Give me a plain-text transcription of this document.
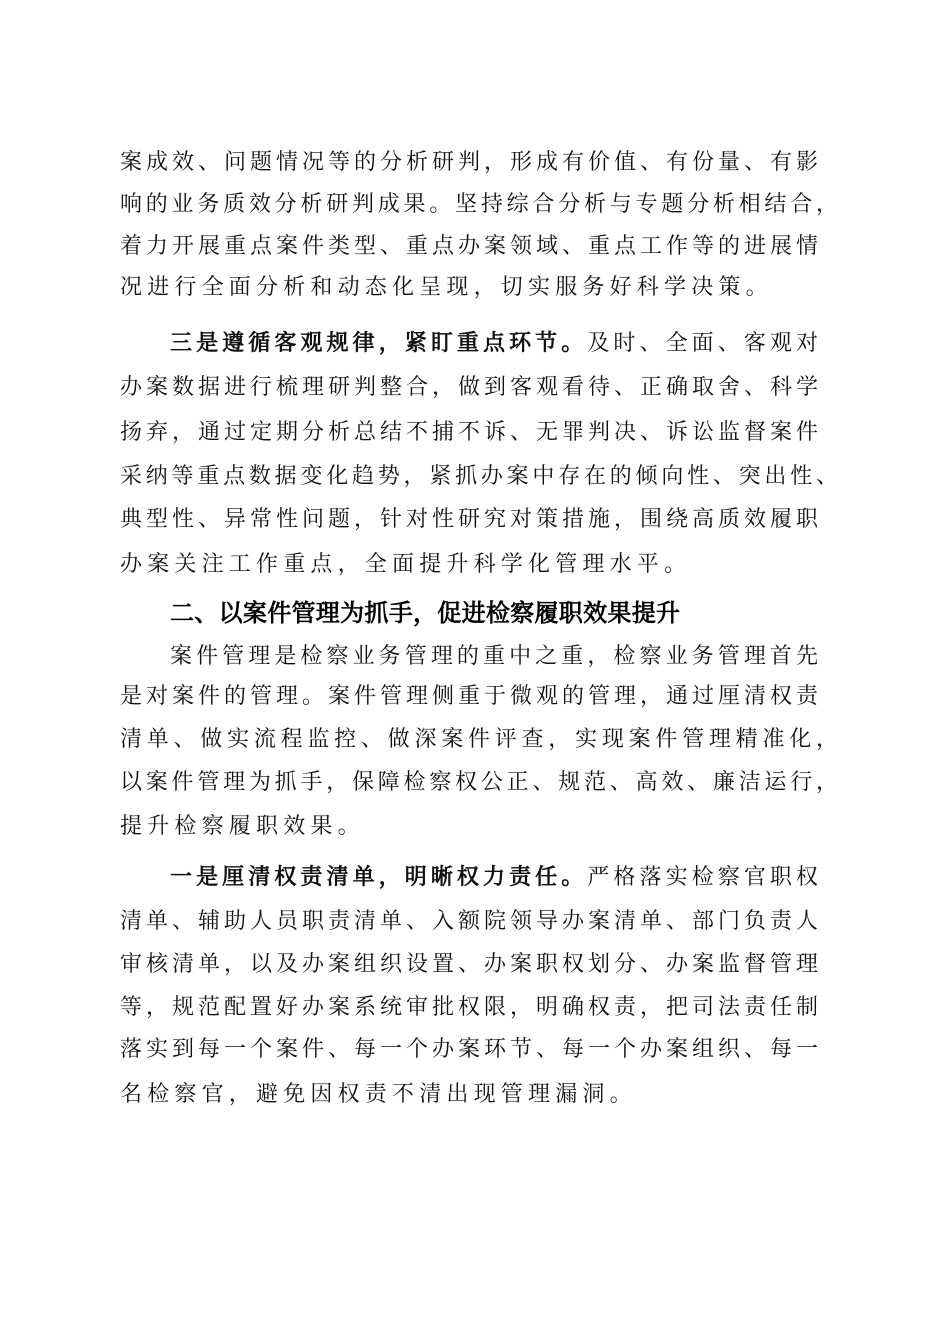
案成效、问题情况等的分析研判，形成有价值、有份量、有影
响的业务质效分析研判成果。坚持综合分析与专题分析相结合，
着力开展重点案件类型、重点办案领域、重点工作等的进展情
况进行全面分析和动态化呈现，切实服务好科学决策。
三是遵循客观规律，紧盯重点环节。及时、全面、客观对
办案数据进行梳理研判整合，做到客观看待、正确取舍、科学
扬弃，通过定期分析总结不捕不诉、无罪判决、诉讼监督案件
采纳等重点数据变化趋势，紧抓办案中存在的倾向性、突出性、
典型性、异常性问题，针对性研究对策措施，围绕高质效履职
办案关注工作重点，全面提升科学化管理水平。
二、以案件管理为抓手，促进检察履职效果提升
案件管理是检察业务管理的重中之重，检察业务管理首先
是对案件的管理。案件管理侧重于微观的管理，通过厘清权责
清单、做实流程监控、做深案件评查，实现案件管理精准化，
以案件管理为抓手，保障检察权公正、规范、高效、廉洁运行，
提升检察履职效果。
一是厘清权责清单，明晰权力责任。严格落实检察官职权
清单、辅助人员职责清单、入额院领导办案清单、部门负责人
审核清单，以及办案组织设置、办案职权划分、办案监督管理
等，规范配置好办案系统审批权限，明确权责，把司法责任制
落实到每一个案件、每一个办案环节、每一个办案组织、每一
名检察官，避免因权责不清出现管理漏洞。
